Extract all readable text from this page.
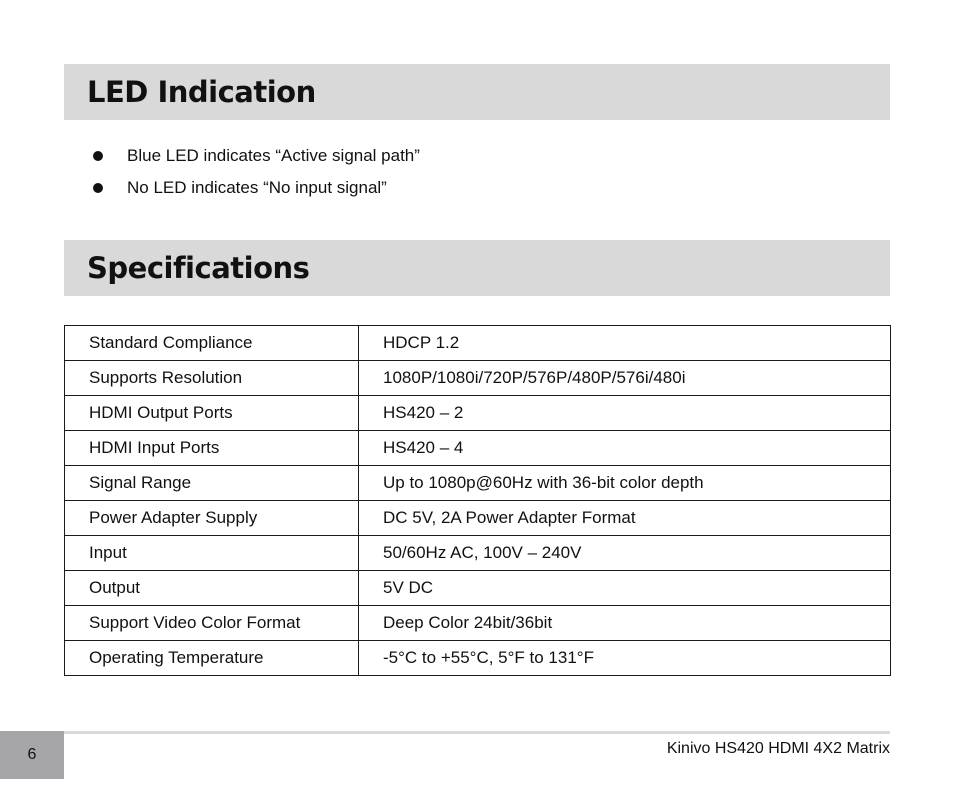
LED Indication
Blue LED indicates “Active signal path”
No LED indicates “No input signal”
Specifications
Standard Compliance	HDCP 1.2
Supports Resolution	1080P/1080i/720P/576P/480P/576i/480i
HDMI Output Ports	HS420 – 2
HDMI Input Ports	HS420 – 4
Signal Range	Up to 1080p@60Hz with 36-bit color depth
Power Adapter Supply	DC 5V, 2A Power Adapter Format
Input	50/60Hz AC, 100V – 240V
Output	5V DC
Support Video Color Format	Deep Color 24bit/36bit
Operating Temperature	-5°C to +55°C, 5°F to 131°F
6	Kinivo HS420 HDMI 4X2 Matrix
